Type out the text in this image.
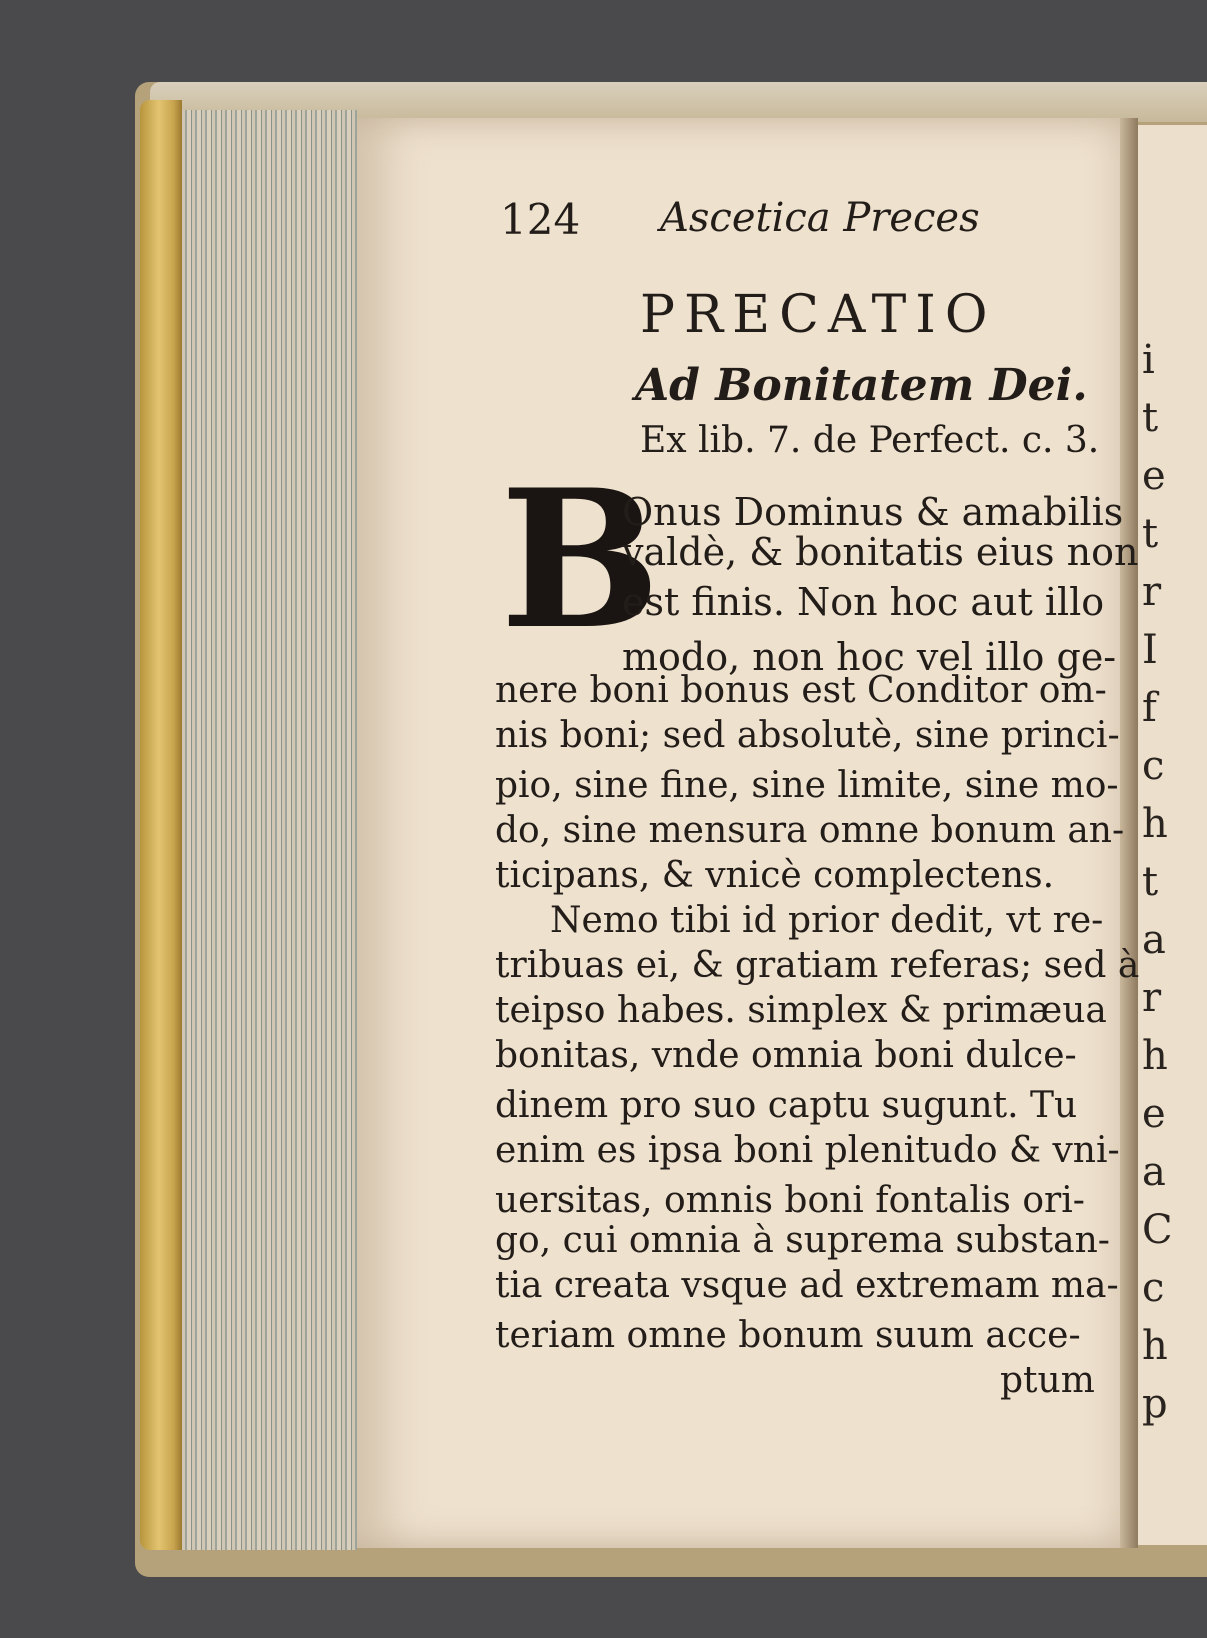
i
t
e
t
r
I
f
c
h
t
a
r
h
e
a
C
c
h
p
124 Ascetica Preces
PRECATIO
Ad Bonitatem Dei.
Ex lib. 7. de Perfect. c. 3.
B
Onus Dominus & amabilis
valdè, & bonitatis eius non
est finis. Non hoc aut illo
modo, non hoc vel illo ge-
nere boni bonus est Conditor om-
nis boni; sed absolutè, sine princi-
pio, sine fine, sine limite, sine mo-
do, sine mensura omne bonum an-
ticipans, & vnicè complectens.
Nemo tibi id prior dedit, vt re-
tribuas ei, & gratiam referas; sed à
teipso habes. simplex & primæua
bonitas, vnde omnia boni dulce-
dinem pro suo captu sugunt. Tu
enim es ipsa boni plenitudo & vni-
uersitas, omnis boni fontalis ori-
go, cui omnia à suprema substan-
tia creata vsque ad extremam ma-
teriam omne bonum suum acce-
ptum
